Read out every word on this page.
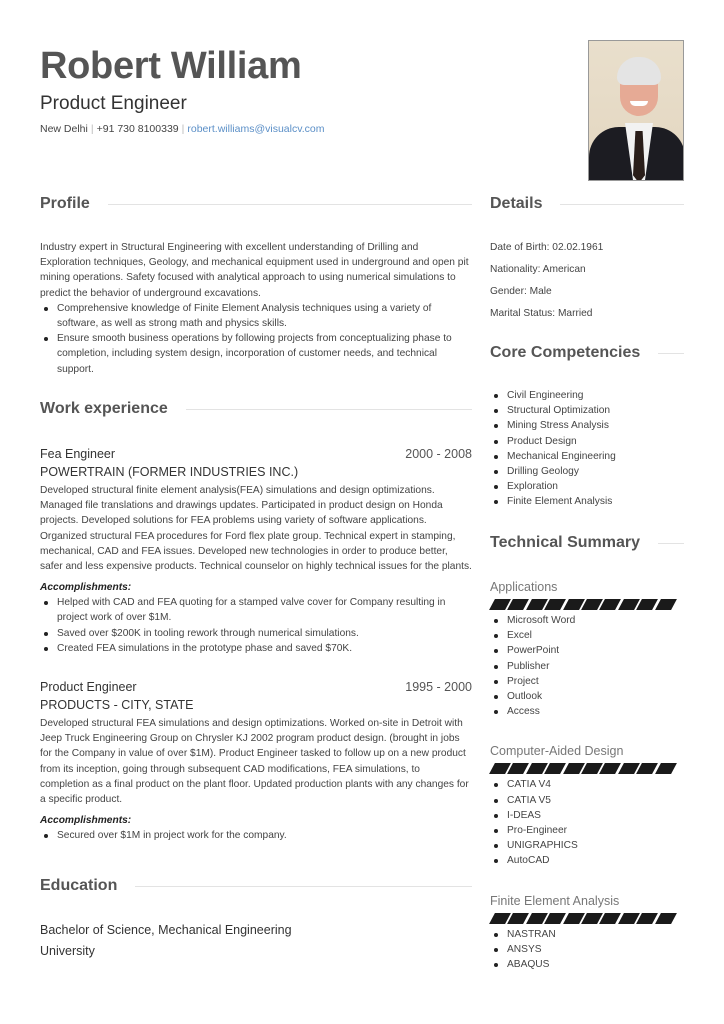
Robert William
Product Engineer
New Delhi | +91 730 8100339 | robert.williams@visualcv.com
Profile
Industry expert in Structural Engineering with excellent understanding of Drilling and Exploration techniques, Geology, and mechanical equipment used in underground and open pit mining operations. Safety focused with analytical approach to using numerical simulations to predict the behavior of underground excavations.
Comprehensive knowledge of Finite Element Analysis techniques using a variety of software, as well as strong math and physics skills.
Ensure smooth business operations by following projects from conceptualizing phase to completion, including system design, incorporation of customer needs, and technical support.
Work experience
Fea Engineer	2000 - 2008
POWERTRAIN (FORMER INDUSTRIES INC.)
Developed structural finite element analysis(FEA) simulations and design optimizations. Managed file translations and drawings updates. Participated in product design on Honda projects. Developed solutions for FEA problems using variety of software applications. Organized structural FEA procedures for Ford flex plate group. Technical expert in stamping, mechanical, CAD and FEA issues. Developed new technologies in order to produce better, safer and less expensive products. Technical counselor on highly technical issues for the plants.
Accomplishments:
Helped with CAD and FEA quoting for a stamped valve cover for Company resulting in project work of over $1M.
Saved over $200K in tooling rework through numerical simulations.
Created FEA simulations in the prototype phase and saved $70K.
Product Engineer	1995 - 2000
PRODUCTS - CITY, STATE
Developed structural FEA simulations and design optimizations. Worked on-site in Detroit with Jeep Truck Engineering Group on Chrysler KJ 2002 program product design. (brought in jobs for the Company in value of over $1M). Product Engineer tasked to follow up on a new product from its inception, going through subsequent CAD modifications, FEA simulations, to completion as a final product on the plant floor. Updated production plants with any changes for a specific product.
Accomplishments:
Secured over $1M in project work for the company.
Education
Bachelor of Science, Mechanical Engineering
University
Details
Date of Birth: 02.02.1961
Nationality: American
Gender: Male
Marital Status: Married
Core Competencies
Civil Engineering
Structural Optimization
Mining Stress Analysis
Product Design
Mechanical Engineering
Drilling Geology
Exploration
Finite Element Analysis
Technical Summary
Applications
Microsoft Word
Excel
PowerPoint
Publisher
Project
Outlook
Access
Computer-Aided Design
CATIA V4
CATIA V5
I-DEAS
Pro-Engineer
UNIGRAPHICS
AutoCAD
Finite Element Analysis
NASTRAN
ANSYS
ABAQUS
